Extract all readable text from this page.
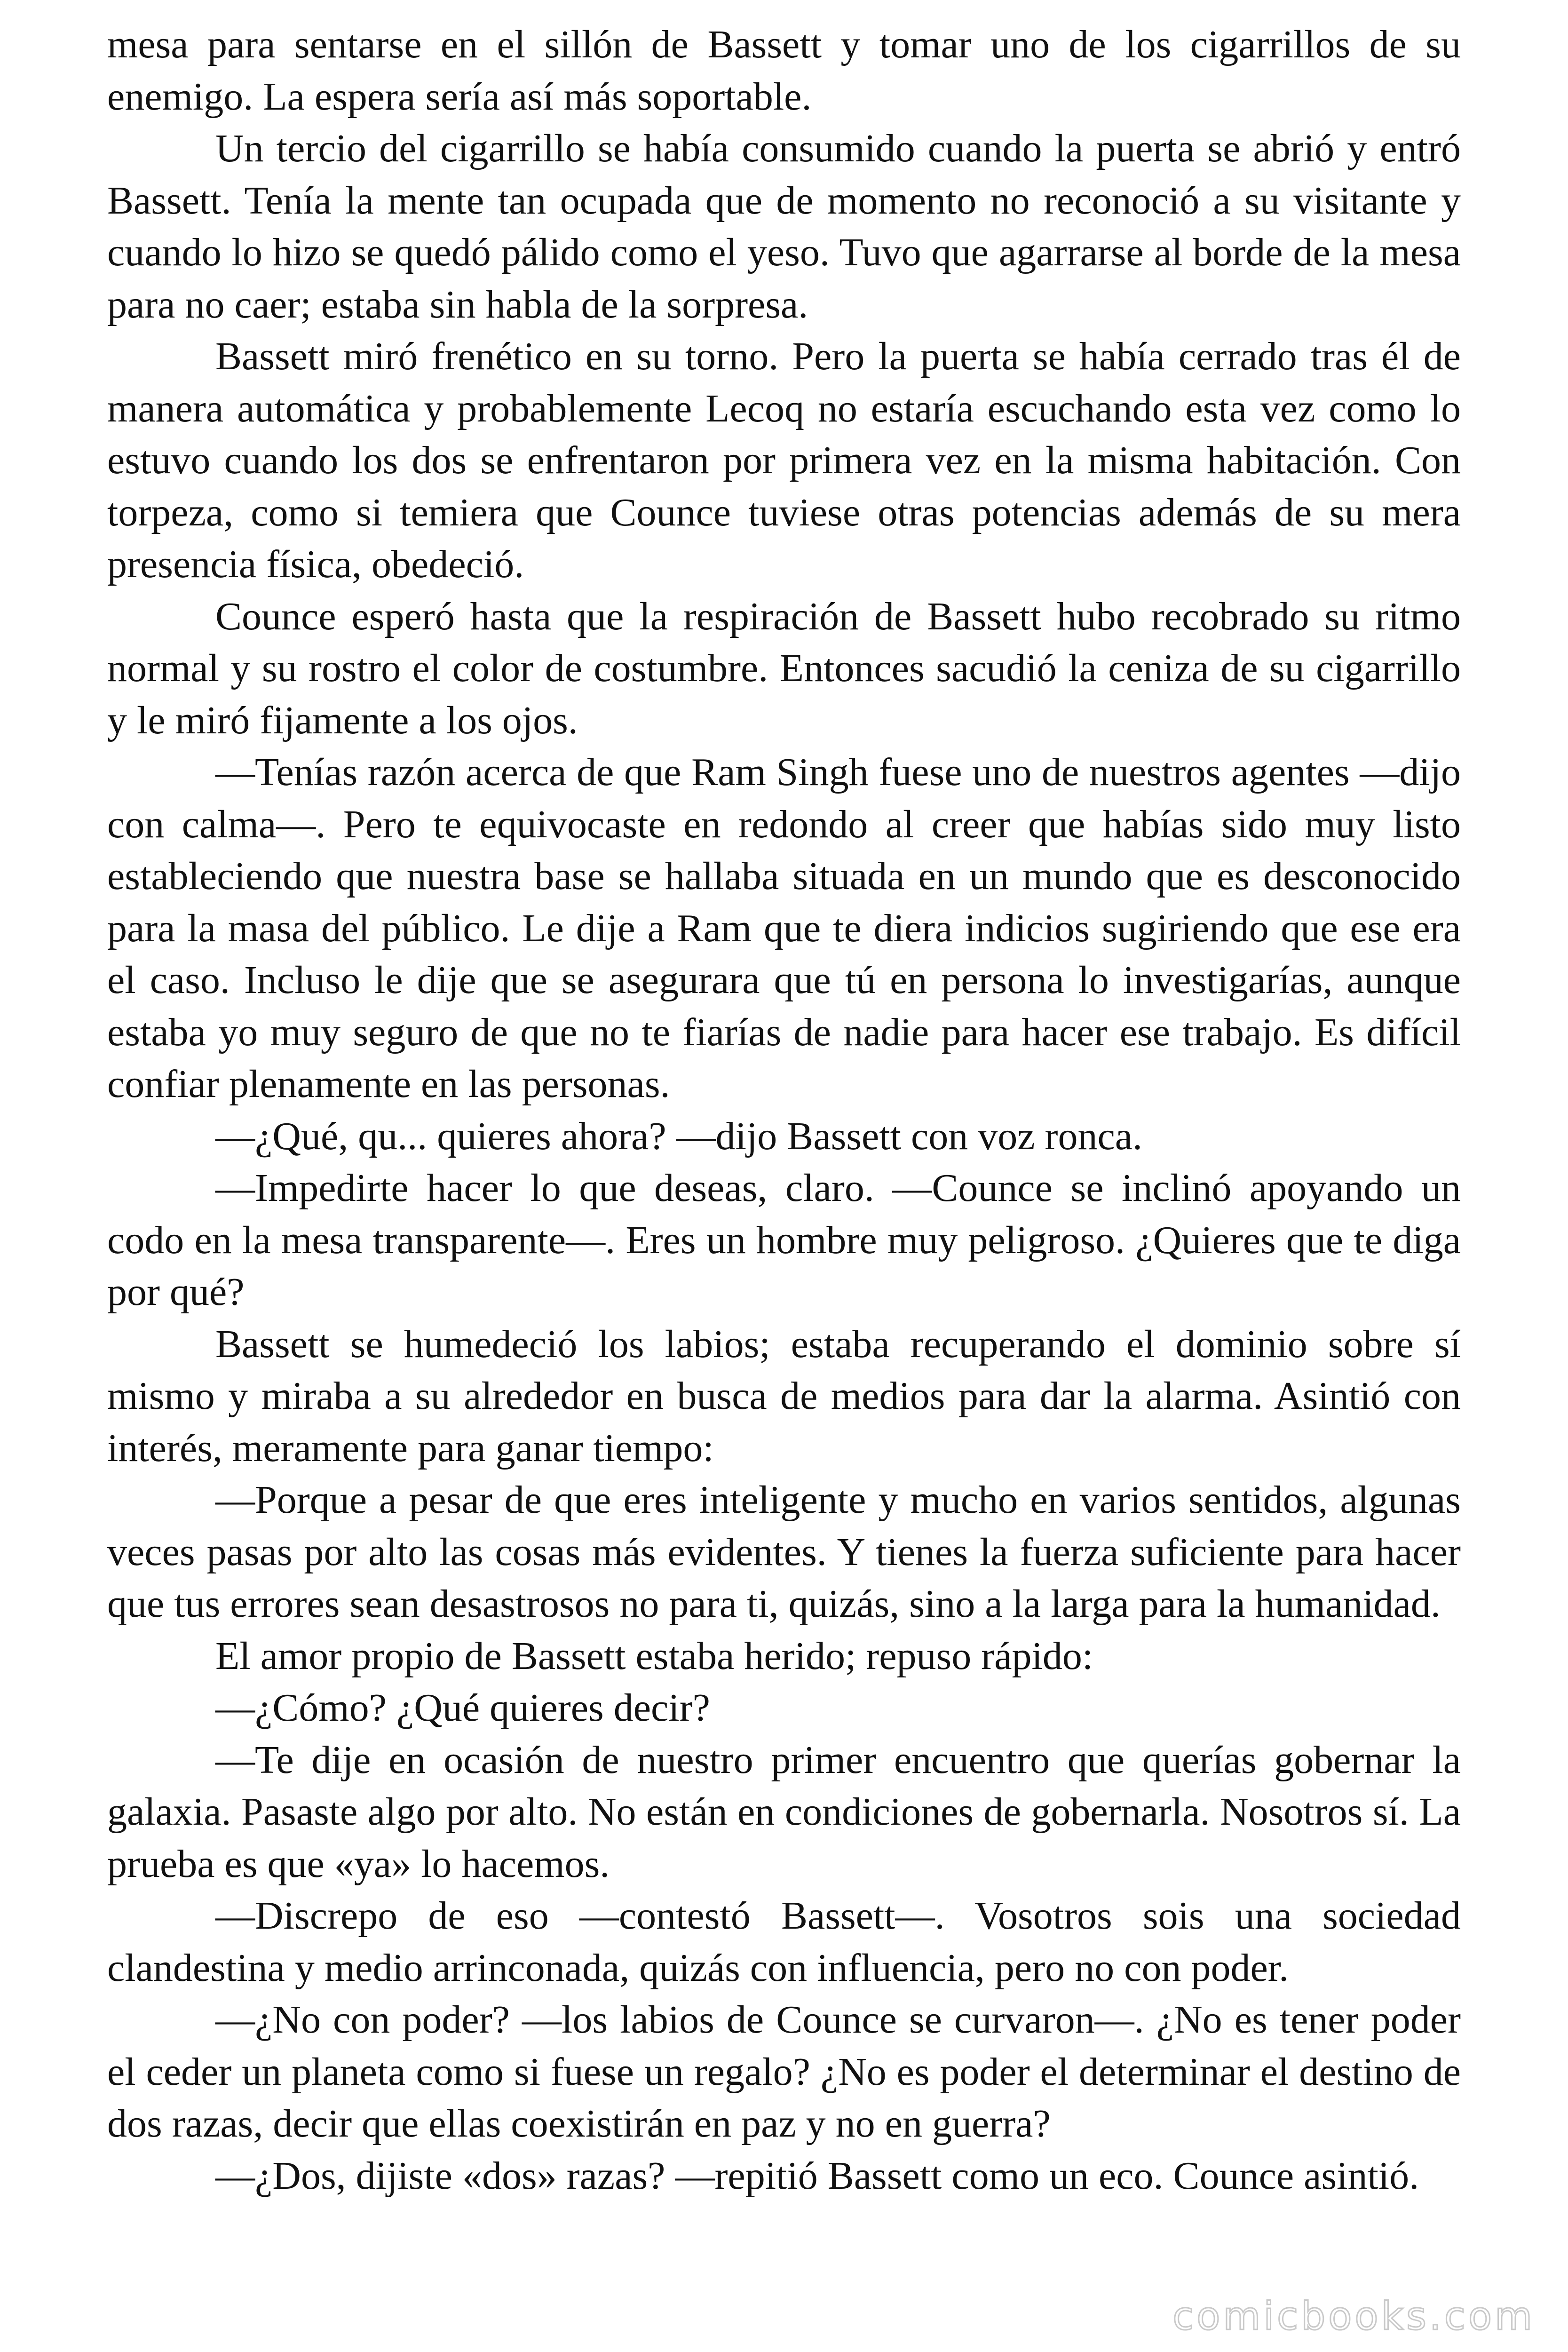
mesa para sentarse en el sillón de Bassett y tomar uno de los cigarrillos de su enemigo. La espera sería así más soportable.

Un tercio del cigarrillo se había consumido cuando la puerta se abrió y entró Bassett. Tenía la mente tan ocupada que de momento no reconoció a su visitante y cuando lo hizo se quedó pálido como el yeso. Tuvo que agarrarse al borde de la mesa para no caer; estaba sin habla de la sorpresa.

Bassett miró frenético en su torno. Pero la puerta se había cerrado tras él de manera automática y probablemente Lecoq no estaría escuchando esta vez como lo estuvo cuando los dos se enfrentaron por primera vez en la misma habitación. Con torpeza, como si temiera que Counce tuviese otras potencias además de su mera presencia física, obedeció.

Counce esperó hasta que la respiración de Bassett hubo recobrado su ritmo normal y su rostro el color de costumbre. Entonces sacudió la ceniza de su cigarrillo y le miró fijamente a los ojos.

—Tenías razón acerca de que Ram Singh fuese uno de nuestros agentes —dijo con calma—. Pero te equivocaste en redondo al creer que habías sido muy listo estableciendo que nuestra base se hallaba situada en un mundo que es desconocido para la masa del público. Le dije a Ram que te diera indicios sugiriendo que ese era el caso. Incluso le dije que se asegurara que tú en persona lo investigarías, aunque estaba yo muy seguro de que no te fiarías de nadie para hacer ese trabajo. Es difícil confiar plenamente en las personas.

—¿Qué, qu... quieres ahora? —dijo Bassett con voz ronca.

—Impedirte hacer lo que deseas, claro. —Counce se inclinó apoyando un codo en la mesa transparente—. Eres un hombre muy peligroso. ¿Quieres que te diga por qué?

Bassett se humedeció los labios; estaba recuperando el dominio sobre sí mismo y miraba a su alrededor en busca de medios para dar la alarma. Asintió con interés, meramente para ganar tiempo:

—Porque a pesar de que eres inteligente y mucho en varios sentidos, algunas veces pasas por alto las cosas más evidentes. Y tienes la fuerza suficiente para hacer que tus errores sean desastrosos no para ti, quizás, sino a la larga para la humanidad.

El amor propio de Bassett estaba herido; repuso rápido:

—¿Cómo? ¿Qué quieres decir?

—Te dije en ocasión de nuestro primer encuentro que querías gobernar la galaxia. Pasaste algo por alto. No están en condiciones de gobernarla. Nosotros sí. La prueba es que «ya» lo hacemos.

—Discrepo de eso —contestó Bassett—. Vosotros sois una sociedad clandestina y medio arrinconada, quizás con influencia, pero no con poder.

—¿No con poder? —los labios de Counce se curvaron—. ¿No es tener poder el ceder un planeta como si fuese un regalo? ¿No es poder el determinar el destino de dos razas, decir que ellas coexistirán en paz y no en guerra?

—¿Dos, dijiste «dos» razas? —repitió Bassett como un eco. Counce asintió.

comicbooks.com
